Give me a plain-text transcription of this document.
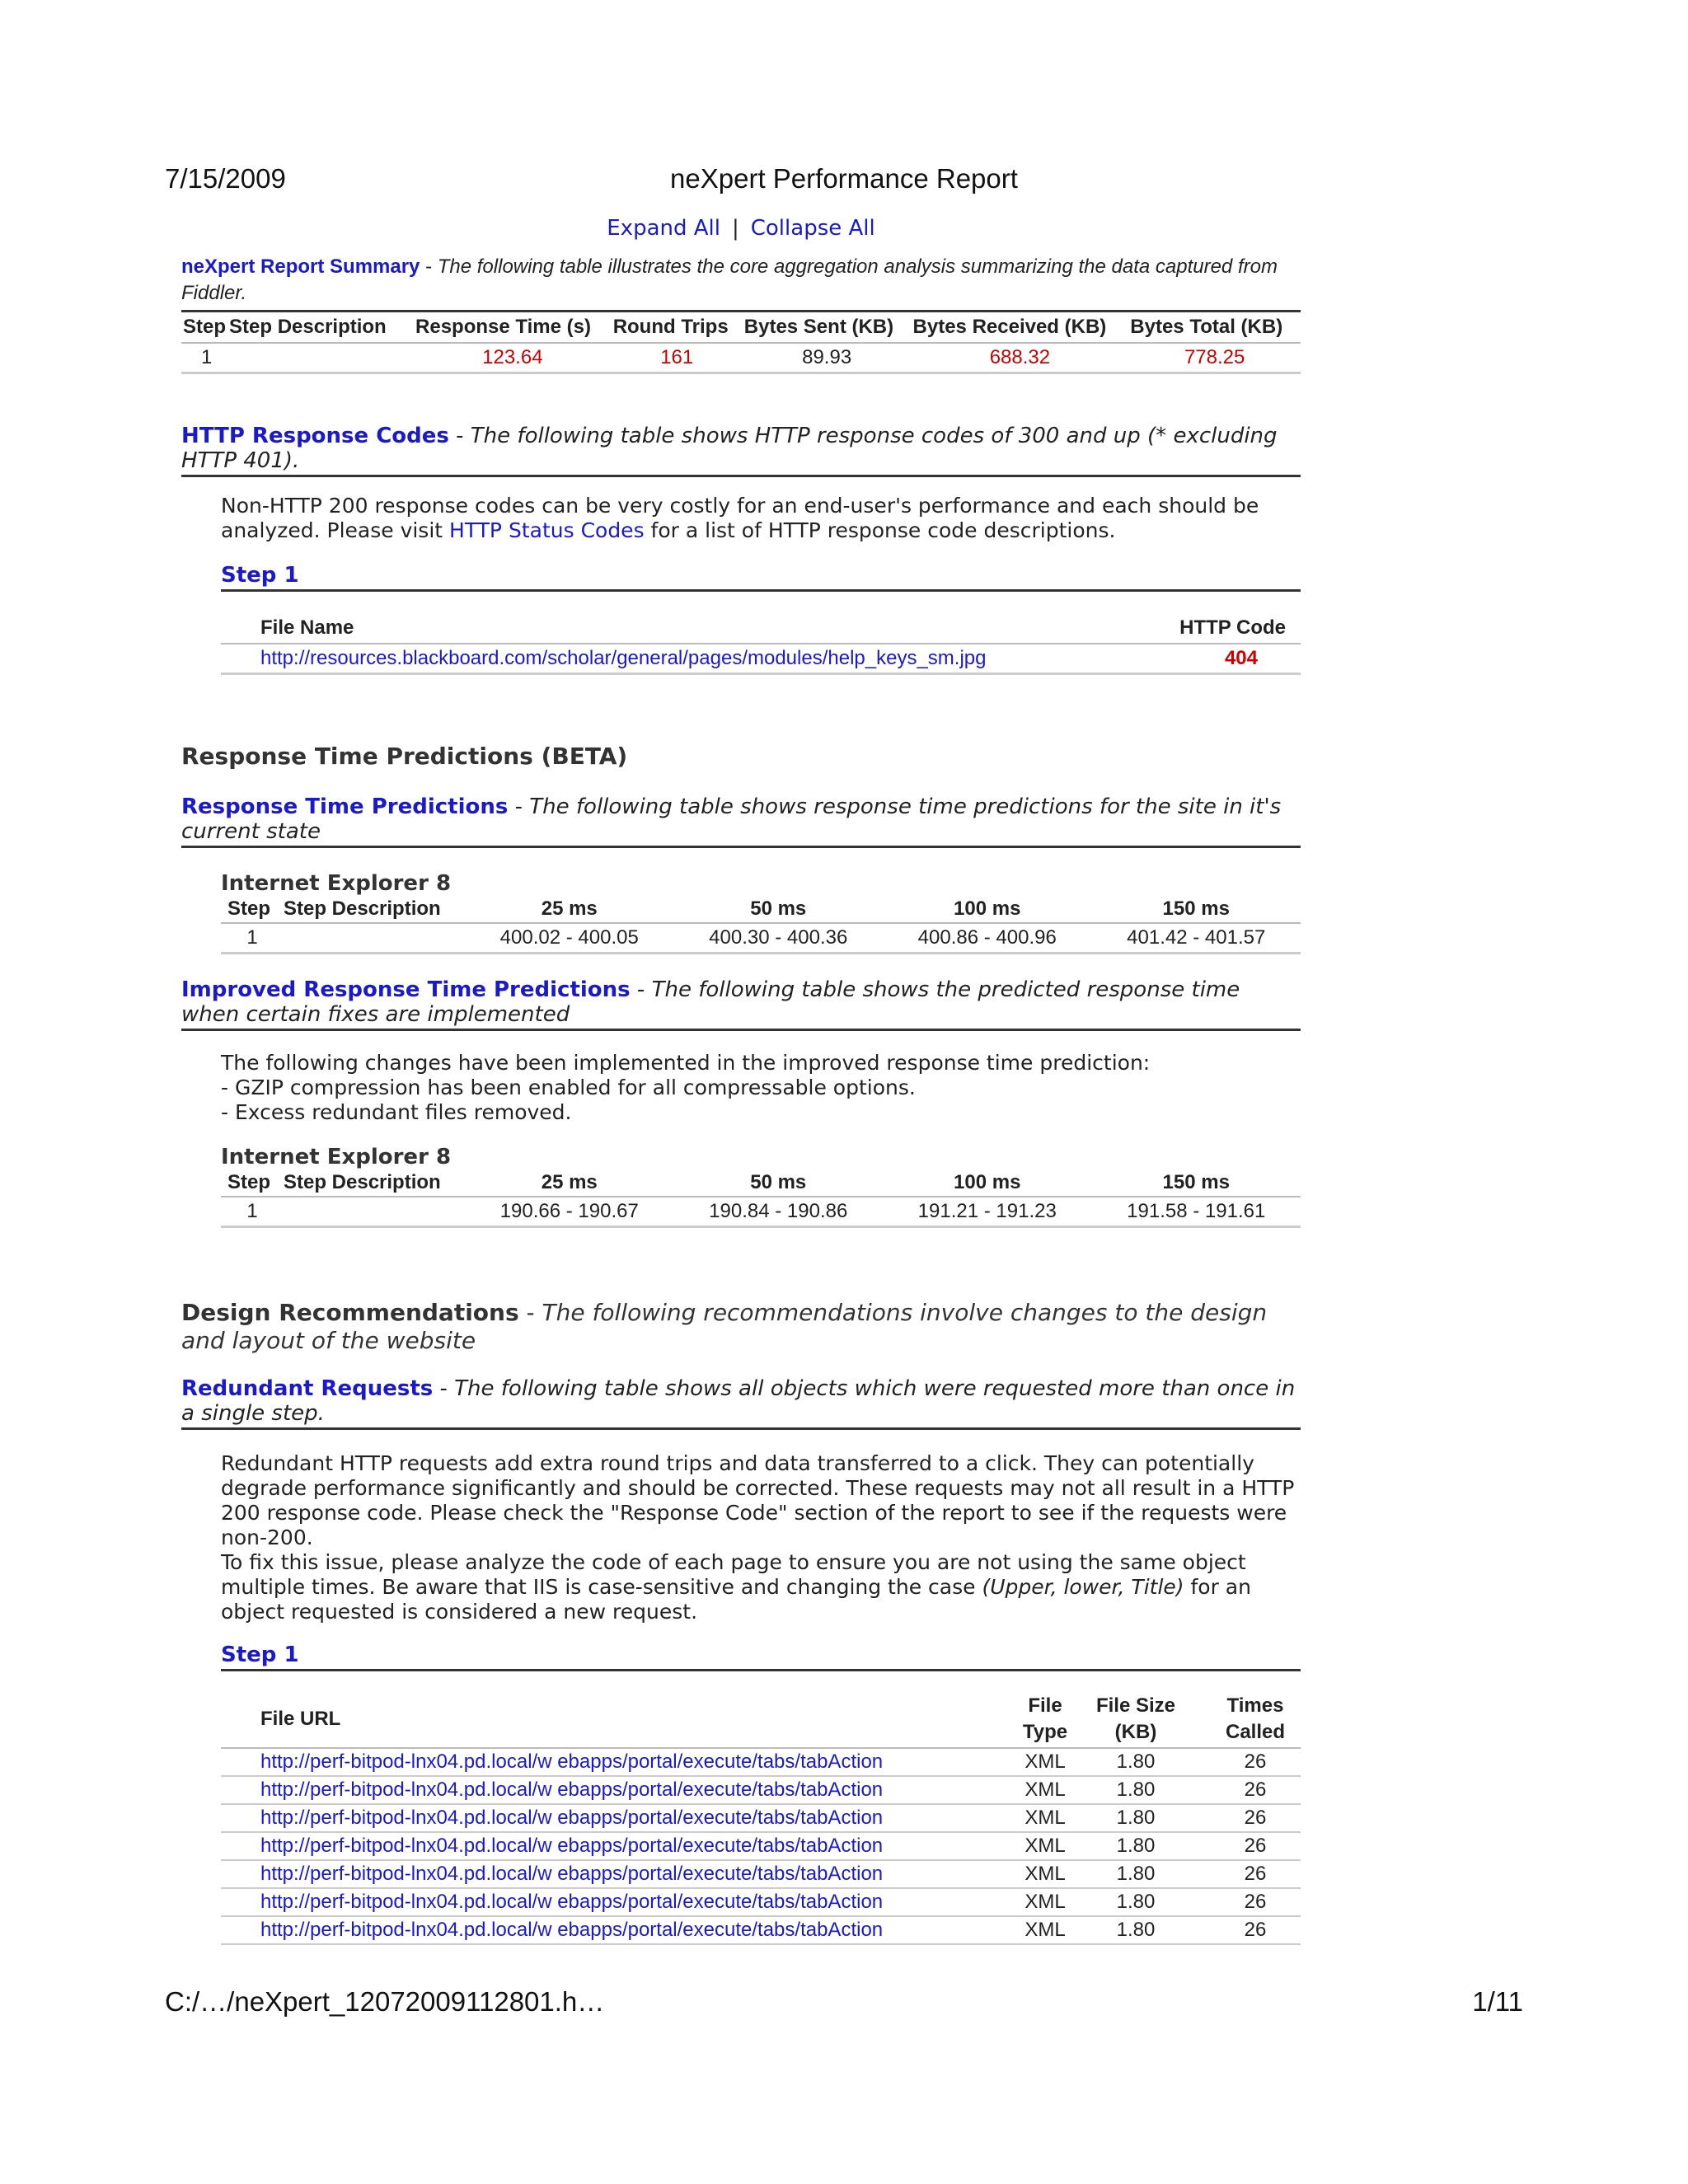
7/15/2009	neXpert Performance Report
C:/…/neXpert_12072009112801.h…	1/11
Expand All | Collapse All
neXpert Report Summary - The following table illustrates the core aggregation analysis summarizing the data captured from Fiddler.
Step	Step Description	Response Time (s)	Round Trips	Bytes Sent (KB)	Bytes Received (KB)	Bytes Total (KB)
1		123.64	161	89.93	688.32	778.25
HTTP Response Codes - The following table shows HTTP response codes of 300 and up (* excluding HTTP 401).
Non-HTTP 200 response codes can be very costly for an end-user's performance and each should be analyzed. Please visit HTTP Status Codes for a list of HTTP response code descriptions.
Step 1
File Name	HTTP Code
http://resources.blackboard.com/scholar/general/pages/modules/help_keys_sm.jpg	404
Response Time Predictions (BETA)
Response Time Predictions - The following table shows response time predictions for the site in it's current state
Internet Explorer 8
Step	Step Description	25 ms	50 ms	100 ms	150 ms
1		400.02 - 400.05	400.30 - 400.36	400.86 - 400.96	401.42 - 401.57
Improved Response Time Predictions - The following table shows the predicted response time when certain fixes are implemented
The following changes have been implemented in the improved response time prediction:
- GZIP compression has been enabled for all compressable options.
- Excess redundant files removed.
Internet Explorer 8
Step	Step Description	25 ms	50 ms	100 ms	150 ms
1		190.66 - 190.67	190.84 - 190.86	191.21 - 191.23	191.58 - 191.61
Design Recommendations - The following recommendations involve changes to the design and layout of the website
Redundant Requests - The following table shows all objects which were requested more than once in a single step.
Redundant HTTP requests add extra round trips and data transferred to a click. They can potentially degrade performance significantly and should be corrected. These requests may not all result in a HTTP 200 response code. Please check the "Response Code" section of the report to see if the requests were non-200.
To fix this issue, please analyze the code of each page to ensure you are not using the same object multiple times. Be aware that IIS is case-sensitive and changing the case (Upper, lower, Title) for an object requested is considered a new request.
Step 1
File URL	File Type	File Size (KB)	Times Called
http://perf-bitpod-lnx04.pd.local/w ebapps/portal/execute/tabs/tabAction	XML	1.80	26
http://perf-bitpod-lnx04.pd.local/w ebapps/portal/execute/tabs/tabAction	XML	1.80	26
http://perf-bitpod-lnx04.pd.local/w ebapps/portal/execute/tabs/tabAction	XML	1.80	26
http://perf-bitpod-lnx04.pd.local/w ebapps/portal/execute/tabs/tabAction	XML	1.80	26
http://perf-bitpod-lnx04.pd.local/w ebapps/portal/execute/tabs/tabAction	XML	1.80	26
http://perf-bitpod-lnx04.pd.local/w ebapps/portal/execute/tabs/tabAction	XML	1.80	26
http://perf-bitpod-lnx04.pd.local/w ebapps/portal/execute/tabs/tabAction	XML	1.80	26
